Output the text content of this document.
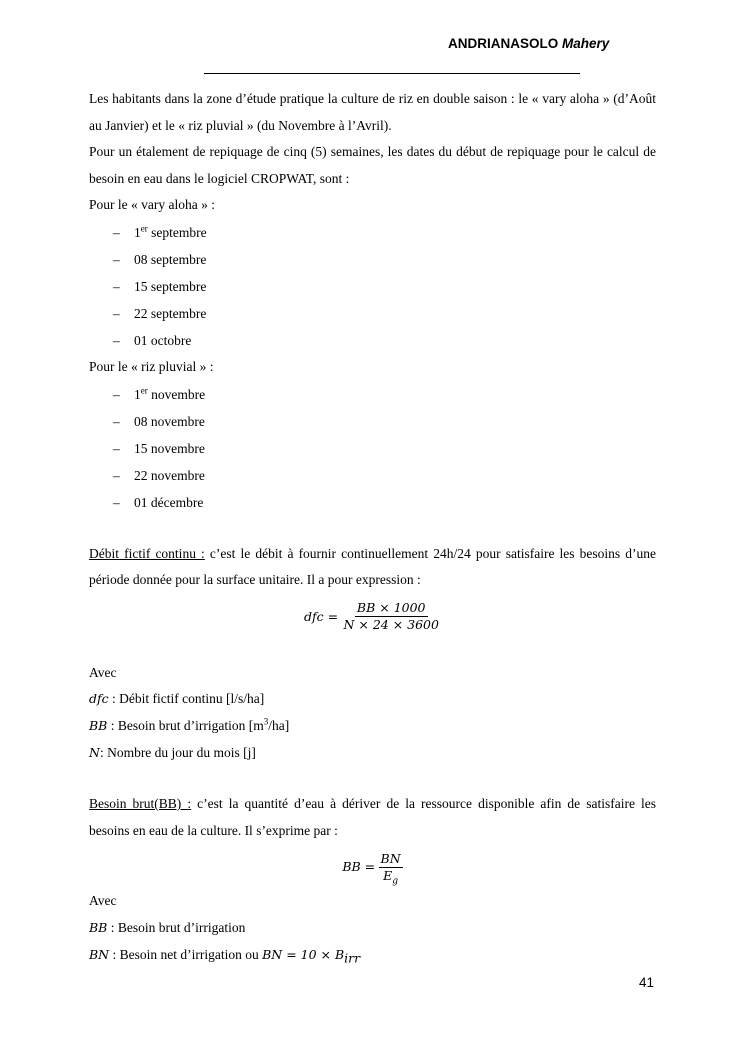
ANDRIANASOLO Mahery

Les habitants dans la zone d’étude pratique la culture de riz en double saison : le « vary aloha » (d’Août au Janvier) et le « riz pluvial » (du Novembre à l’Avril).

Pour un étalement de repiquage de cinq (5) semaines, les dates du début de repiquage pour le calcul de besoin en eau dans le logiciel CROPWAT, sont :

Pour le « vary aloha » :

– 1er septembre
– 08 septembre
– 15 septembre
– 22 septembre
– 01 octobre

Pour le « riz pluvial » :

– 1er novembre
– 08 novembre
– 15 novembre
– 22 novembre
– 01 décembre

Débit fictif continu : c’est le débit à fournir continuellement 24h/24 pour satisfaire les besoins d’une période donnée pour la surface unitaire. Il a pour expression :

dfc = $\frac{BB \times 1000}{N \times 24 \times 3600}$

Avec

dfc : Débit fictif continu [l/s/ha]

BB : Besoin brut d’irrigation $[m^3/ha]$

N: Nombre du jour du mois [j]

Besoin brut(BB) : c’est la quantité d’eau à dériver de la ressource disponible afin de satisfaire les besoins en eau de la culture. Il s’exprime par :

BB = $\frac{BN}{E_g}$

Avec

BB : Besoin brut d’irrigation

BN : Besoin net d’irrigation ou BN = $10 \times B_{irr}$

41
